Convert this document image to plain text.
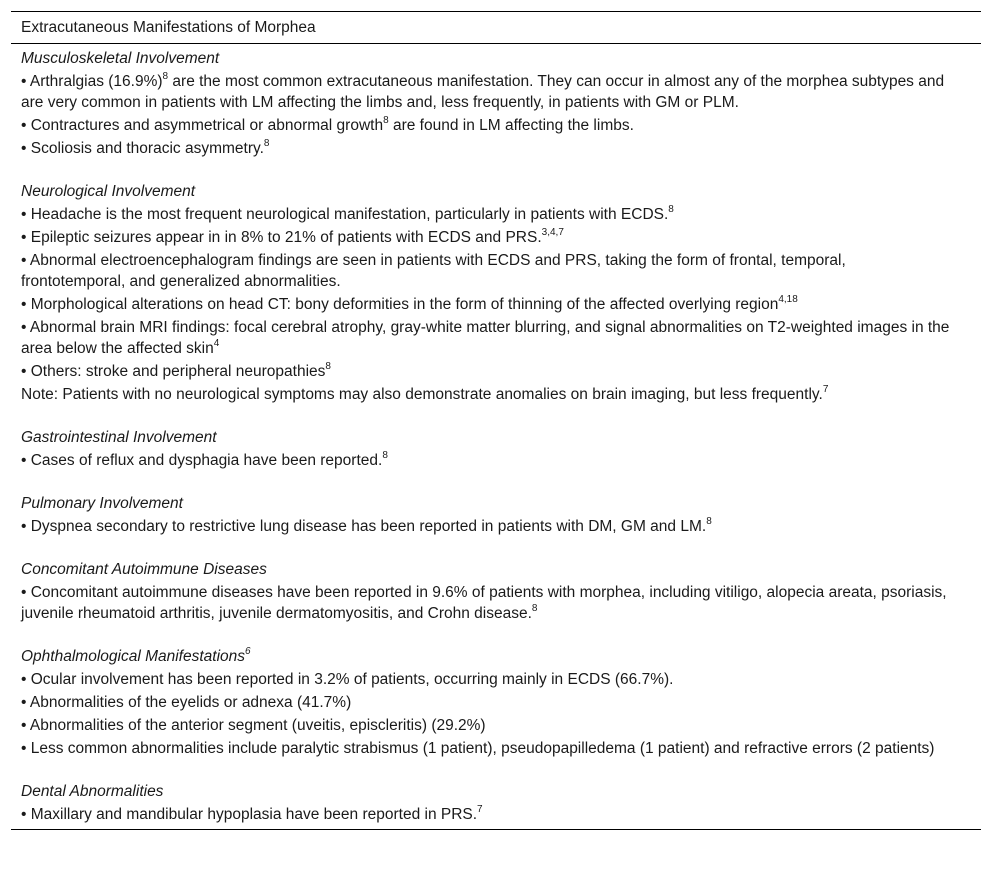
Extracutaneous Manifestations of Morphea
Musculoskeletal Involvement
• Arthralgias $(16.9\%)^8$ are the most common extracutaneous manifestation. They can occur in almost any of the morphea subtypes and are very common in patients with LM affecting the limbs and, less frequently, in patients with GM or PLM.
• Contractures and asymmetrical or abnormal growth$^8$ are found in LM affecting the limbs.
• Scoliosis and thoracic asymmetry.$^8$
Neurological Involvement
• Headache is the most frequent neurological manifestation, particularly in patients with ECDS.$^8$
• Epileptic seizures appear in in 8% to 21% of patients with ECDS and PRS.$^{3,4,7}$
• Abnormal electroencephalogram findings are seen in patients with ECDS and PRS, taking the form of frontal, temporal, frontotemporal, and generalized abnormalities.
• Morphological alterations on head CT: bony deformities in the form of thinning of the affected overlying region$^{4,18}$
• Abnormal brain MRI findings: focal cerebral atrophy, gray-white matter blurring, and signal abnormalities on T2-weighted images in the area below the affected skin$^4$
• Others: stroke and peripheral neuropathies$^8$
Note: Patients with no neurological symptoms may also demonstrate anomalies on brain imaging, but less frequently.$^7$
Gastrointestinal Involvement
• Cases of reflux and dysphagia have been reported.$^8$
Pulmonary Involvement
• Dyspnea secondary to restrictive lung disease has been reported in patients with DM, GM and LM.$^8$
Concomitant Autoimmune Diseases
• Concomitant autoimmune diseases have been reported in 9.6% of patients with morphea, including vitiligo, alopecia areata, psoriasis, juvenile rheumatoid arthritis, juvenile dermatomyositis, and Crohn disease.$^8$
Ophthalmological Manifestations$^6$
• Ocular involvement has been reported in 3.2% of patients, occurring mainly in ECDS (66.7%).
• Abnormalities of the eyelids or adnexa (41.7%)
• Abnormalities of the anterior segment (uveitis, episcleritis) (29.2%)
• Less common abnormalities include paralytic strabismus (1 patient), pseudopapilledema (1 patient) and refractive errors (2 patients)
Dental Abnormalities
• Maxillary and mandibular hypoplasia have been reported in PRS.$^7$
